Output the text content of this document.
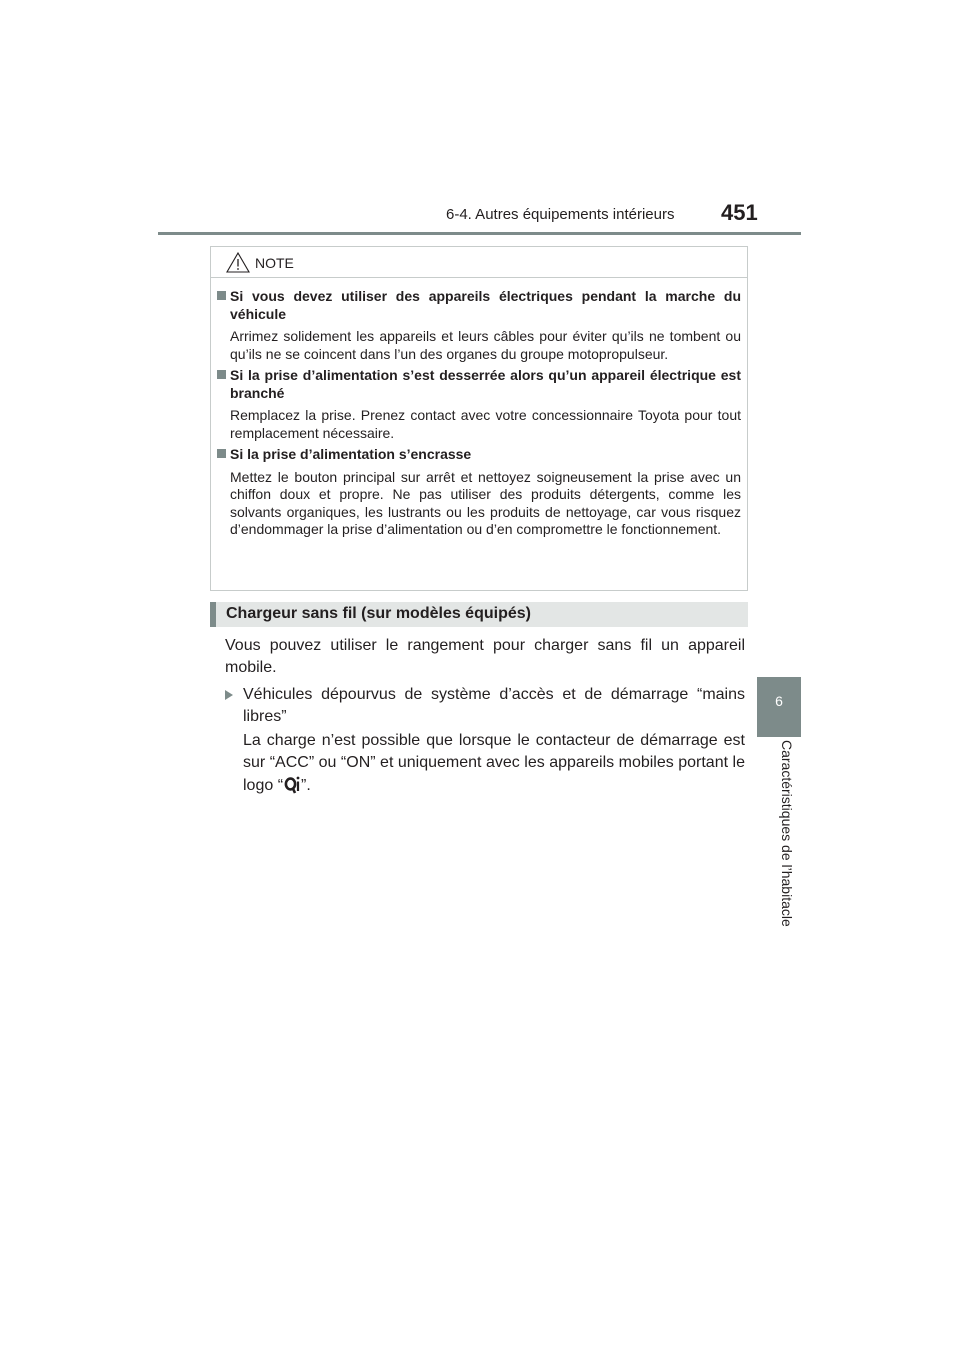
6-4. Autres équipements intérieurs 451
6
Caractéristiques de l’habitacle
NOTE
Si vous devez utiliser des appareils électriques pendant la marche du véhicule
Arrimez solidement les appareils et leurs câbles pour éviter qu’ils ne tombent ou qu’ils ne se coincent dans l’un des organes du groupe motopropulseur.
Si la prise d’alimentation s’est desserrée alors qu’un appareil électrique est branché
Remplacez la prise. Prenez contact avec votre concessionnaire Toyota pour tout remplacement nécessaire.
Si la prise d’alimentation s’encrasse
Mettez le bouton principal sur arrêt et nettoyez soigneusement la prise avec un chiffon doux et propre. Ne pas utiliser des produits détergents, comme les solvants organiques, les lustrants ou les produits de nettoyage, car vous risquez d’endommager la prise d’alimentation ou d’en compromettre le fonctionnement.
Chargeur sans fil (sur modèles équipés)
Vous pouvez utiliser le rangement pour charger sans fil un appareil mobile.
Véhicules dépourvus de système d’accès et de démarrage “mains libres”
La charge n’est possible que lorsque le contacteur de démarrage est sur “ACC” ou “ON” et uniquement avec les appareils mobiles portant le logo “ ”.
